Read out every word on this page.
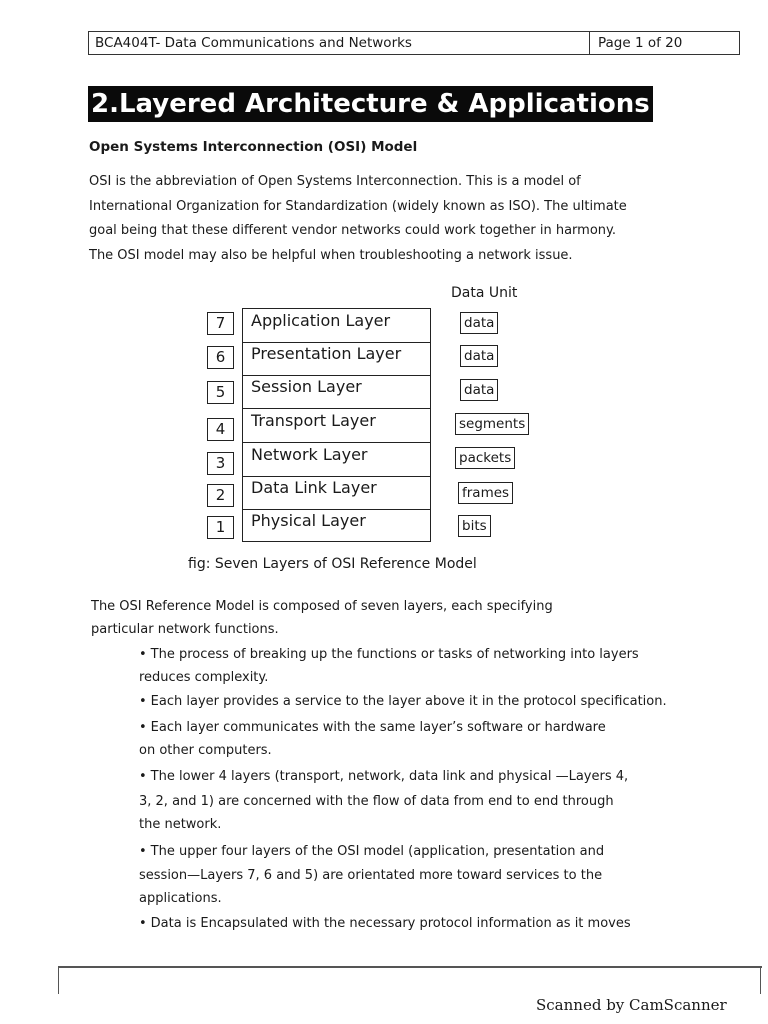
BCA404T- Data Communications and Networks	Page 1 of 20
2.Layered Architecture & Applications
Open Systems Interconnection (OSI) Model
OSI is the abbreviation of Open Systems Interconnection. This is a model of
International Organization for Standardization (widely known as ISO). The ultimate
goal being that these different vendor networks could work together in harmony.
The OSI model may also be helpful when troubleshooting a network issue.
Data Unit
7
6
5
4
3
2
1
Application Layer
Presentation Layer
Session Layer
Transport Layer
Network Layer
Data Link Layer
Physical Layer
data
data
data
segments
packets
frames
bits
fig: Seven Layers of OSI Reference Model
The OSI Reference Model is composed of seven layers, each specifying
particular network functions.
• The process of breaking up the functions or tasks of networking into layers
reduces complexity.
• Each layer provides a service to the layer above it in the protocol specification.
• Each layer communicates with the same layer’s software or hardware
on other computers.
• The lower 4 layers (transport, network, data link and physical —Layers 4,
3, 2, and 1) are concerned with the flow of data from end to end through
the network.
• The upper four layers of the OSI model (application, presentation and
session—Layers 7, 6 and 5) are orientated more toward services to the
applications.
• Data is Encapsulated with the necessary protocol information as it moves
Scanned by CamScanner
